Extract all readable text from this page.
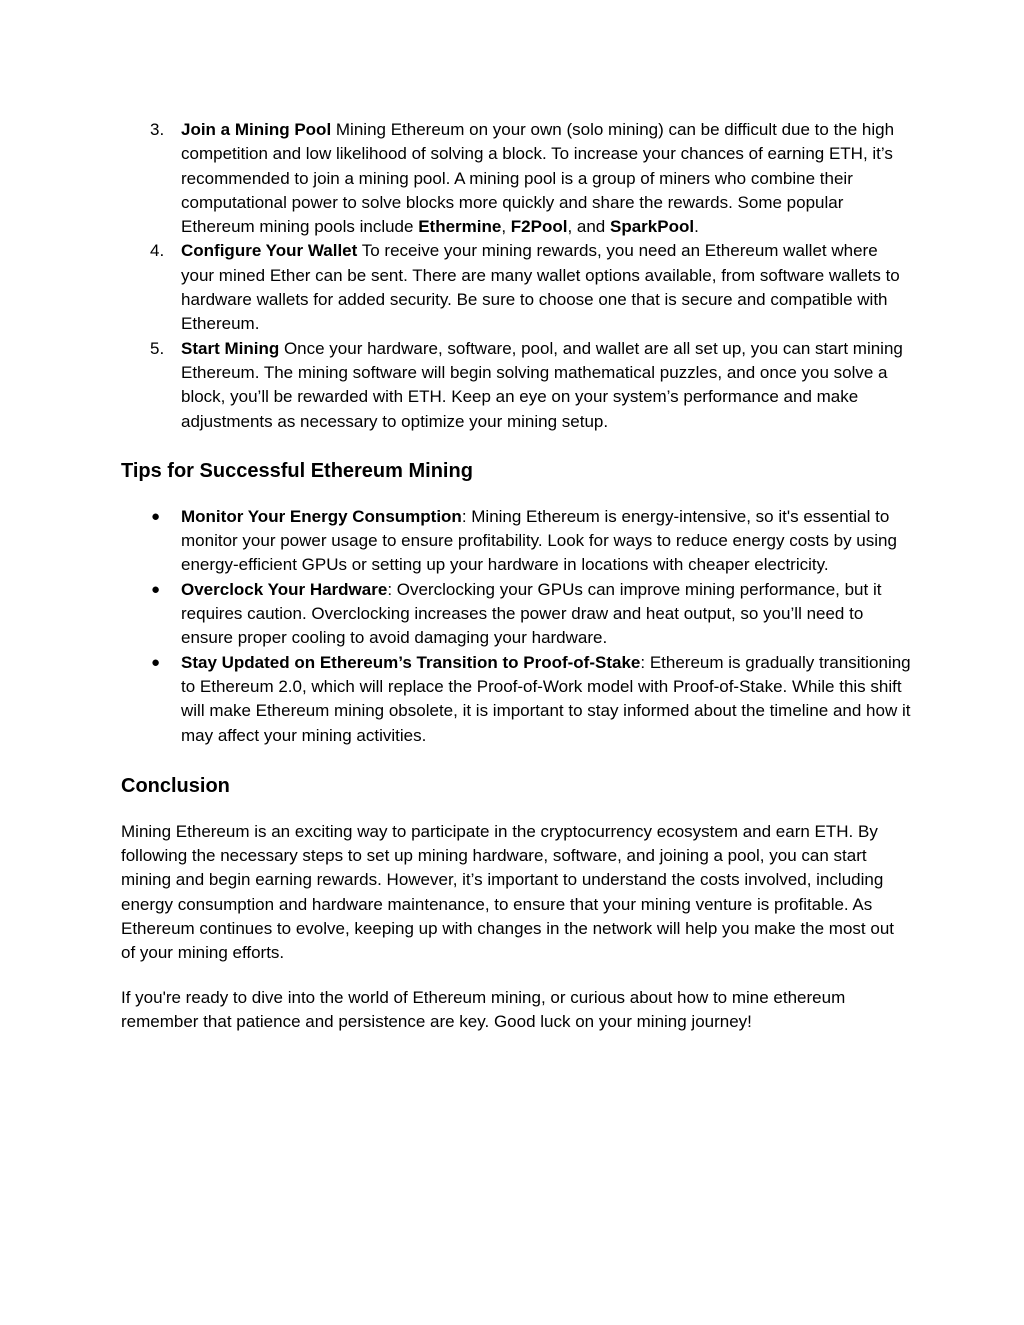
3. Join a Mining Pool Mining Ethereum on your own (solo mining) can be difficult due to the high competition and low likelihood of solving a block. To increase your chances of earning ETH, it’s recommended to join a mining pool. A mining pool is a group of miners who combine their computational power to solve blocks more quickly and share the rewards. Some popular Ethereum mining pools include Ethermine, F2Pool, and SparkPool.
4. Configure Your Wallet To receive your mining rewards, you need an Ethereum wallet where your mined Ether can be sent. There are many wallet options available, from software wallets to hardware wallets for added security. Be sure to choose one that is secure and compatible with Ethereum.
5. Start Mining Once your hardware, software, pool, and wallet are all set up, you can start mining Ethereum. The mining software will begin solving mathematical puzzles, and once you solve a block, you’ll be rewarded with ETH. Keep an eye on your system’s performance and make adjustments as necessary to optimize your mining setup.
Tips for Successful Ethereum Mining
● Monitor Your Energy Consumption: Mining Ethereum is energy-intensive, so it's essential to monitor your power usage to ensure profitability. Look for ways to reduce energy costs by using energy-efficient GPUs or setting up your hardware in locations with cheaper electricity.
● Overclock Your Hardware: Overclocking your GPUs can improve mining performance, but it requires caution. Overclocking increases the power draw and heat output, so you’ll need to ensure proper cooling to avoid damaging your hardware.
● Stay Updated on Ethereum’s Transition to Proof-of-Stake: Ethereum is gradually transitioning to Ethereum 2.0, which will replace the Proof-of-Work model with Proof-of-Stake. While this shift will make Ethereum mining obsolete, it is important to stay informed about the timeline and how it may affect your mining activities.
Conclusion

Mining Ethereum is an exciting way to participate in the cryptocurrency ecosystem and earn ETH. By following the necessary steps to set up mining hardware, software, and joining a pool, you can start mining and begin earning rewards. However, it’s important to understand the costs involved, including energy consumption and hardware maintenance, to ensure that your mining venture is profitable. As Ethereum continues to evolve, keeping up with changes in the network will help you make the most out of your mining efforts.

If you're ready to dive into the world of Ethereum mining, or curious about how to mine ethereum remember that patience and persistence are key. Good luck on your mining journey!
